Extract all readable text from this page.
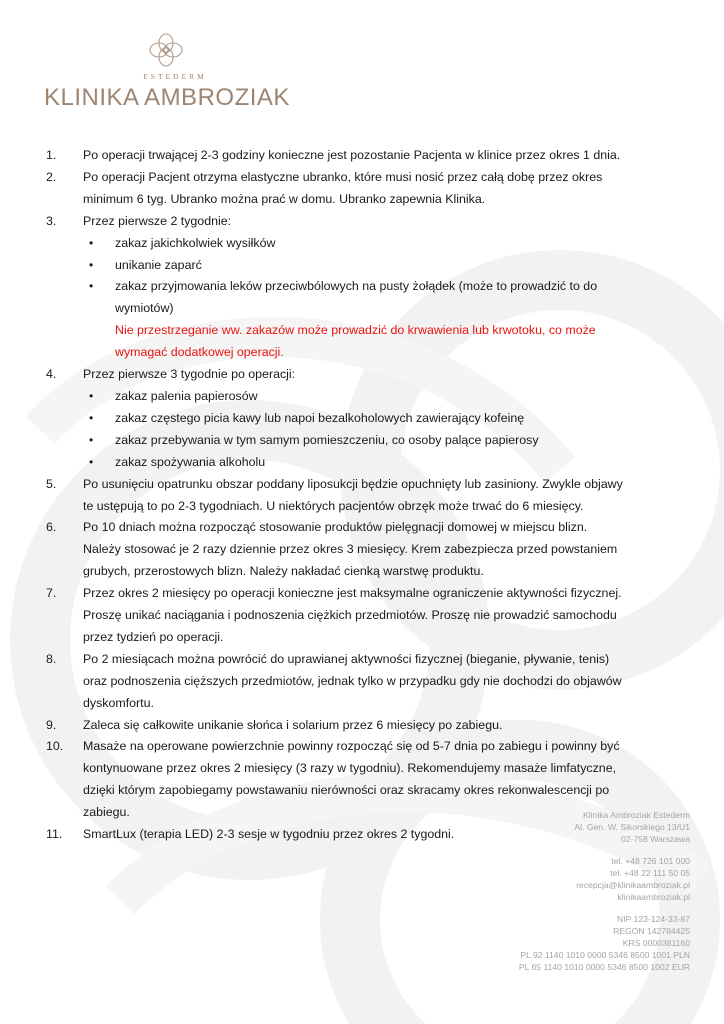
ESTEDERM
KLINIKA AMBROZIAK
1. Po operacji trwającej 2-3 godziny konieczne jest pozostanie Pacjenta w klinice przez okres 1 dnia.
2. Po operacji Pacjent otrzyma elastyczne ubranko, które musi nosić przez całą dobę przez okres minimum 6 tyg. Ubranko można prać w domu. Ubranko zapewnia Klinika.
3. Przez pierwsze 2 tygodnie:
• zakaz jakichkolwiek wysiłków
• unikanie zaparć
• zakaz przyjmowania leków przeciwbólowych na pusty żołądek (może to prowadzić to do wymiotów)
Nie przestrzeganie ww. zakazów może prowadzić do krwawienia lub krwotoku, co może wymagać dodatkowej operacji.
4. Przez pierwsze 3 tygodnie po operacji:
• zakaz palenia papierosów
• zakaz częstego picia kawy lub napoi bezalkoholowych zawierający kofeinę
• zakaz przebywania w tym samym pomieszczeniu, co osoby palące papierosy
• zakaz spożywania alkoholu
5. Po usunięciu opatrunku obszar poddany liposukcji będzie opuchnięty lub zasiniony. Zwykle objawy te ustępują to po 2-3 tygodniach. U niektórych pacjentów obrzęk może trwać do 6 miesięcy.
6. Po 10 dniach można rozpocząć stosowanie produktów pielęgnacji domowej w miejscu blizn. Należy stosować je 2 razy dziennie przez okres 3 miesięcy. Krem zabezpiecza przed powstaniem grubych, przerostowych blizn. Należy nakładać cienką warstwę produktu.
7. Przez okres 2 miesięcy po operacji konieczne jest maksymalne ograniczenie aktywności fizycznej. Proszę unikać naciągania i podnoszenia ciężkich przedmiotów. Proszę nie prowadzić samochodu przez tydzień po operacji.
8. Po 2 miesiącach można powrócić do uprawianej aktywności fizycznej (bieganie, pływanie, tenis) oraz podnoszenia cięższych przedmiotów, jednak tylko w przypadku gdy nie dochodzi do objawów dyskomfortu.
9. Zaleca się całkowite unikanie słońca i solarium przez 6 miesięcy po zabiegu.
10. Masaże na operowane powierzchnie powinny rozpocząć się od 5-7 dnia po zabiegu i powinny być kontynuowane przez okres 2 miesięcy (3 razy w tygodniu). Rekomendujemy masaże limfatyczne, dzięki którym zapobiegamy powstawaniu nierówności oraz skracamy okres rekonwalescencji po zabiegu.
11. SmartLux (terapia LED) 2-3 sesje w tygodniu przez okres 2 tygodni.
Klinika Ambroziak Estederm
Al. Gen. W. Sikorskiego 13/U1
02-758 Warszawa
tel. +48 726 101 000
tel. +48 22 111 50 05
recepcja@klinikaambroziak.pl
klinikaambroziak.pl
NIP 123-124-33-87
REGON 142784425
KRS 0000381160
PL 92 1140 1010 0000 5346 8500 1001 PLN
PL 65 1140 1010 0000 5346 8500 1002 EUR
